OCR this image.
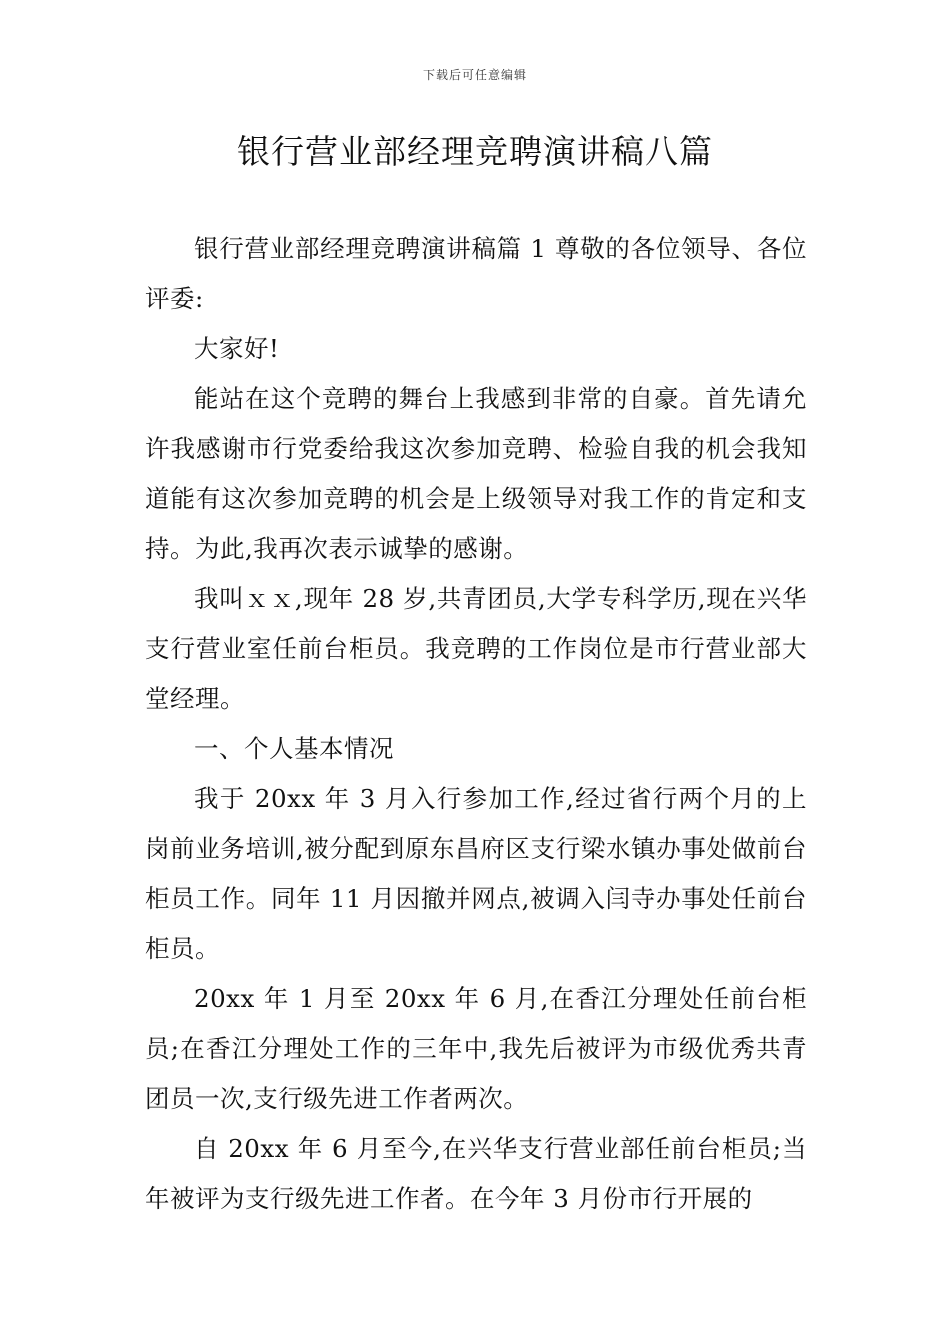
下载后可任意编辑
银行营业部经理竞聘演讲稿八篇

银行营业部经理竞聘演讲稿篇 1 尊敬的各位领导、各位评委:

大家好!

能站在这个竞聘的舞台上我感到非常的自豪。首先请允许我感谢市行党委给我这次参加竞聘、检验自我的机会我知道能有这次参加竞聘的机会是上级领导对我工作的肯定和支持。为此,我再次表示诚挚的感谢。

我叫ｘｘ,现年 28 岁,共青团员,大学专科学历,现在兴华支行营业室任前台柜员。我竞聘的工作岗位是市行营业部大堂经理。

一、个人基本情况

我于 20xx 年 3 月入行参加工作,经过省行两个月的上岗前业务培训,被分配到原东昌府区支行梁水镇办事处做前台柜员工作。同年 11 月因撤并网点,被调入闫寺办事处任前台柜员。

20xx 年 1 月至 20xx 年 6 月,在香江分理处任前台柜员;在香江分理处工作的三年中,我先后被评为市级优秀共青团员一次,支行级先进工作者两次。

自 20xx 年 6 月至今,在兴华支行营业部任前台柜员;当年被评为支行级先进工作者。在今年 3 月份市行开展的
